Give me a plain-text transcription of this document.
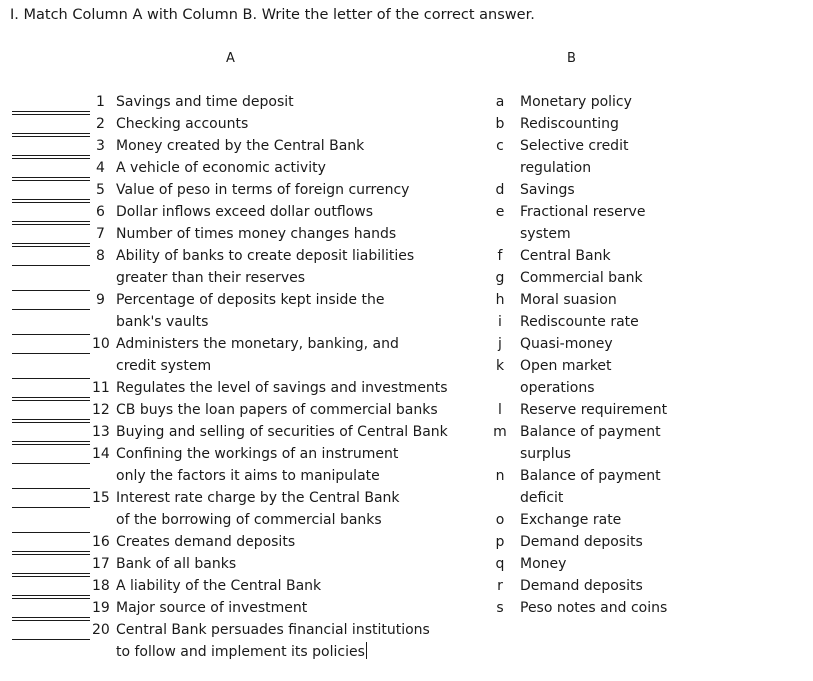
I. Match Column A with Column B. Write the letter of the correct answer.
A	B
1 Savings and time deposit
2 Checking accounts
3 Money created by the Central Bank
4 A vehicle of economic activity
5 Value of peso in terms of foreign currency
6 Dollar inflows exceed dollar outflows
7 Number of times money changes hands
8 Ability of banks to create deposit liabilities
greater than their reserves
9 Percentage of deposits kept inside the
bank's vaults
10 Administers the monetary, banking, and
credit system
11 Regulates the level of savings and investments
12 CB buys the loan papers of commercial banks
13 Buying and selling of securities of Central Bank
14 Confining the workings of an instrument
only the factors it aims to manipulate
15 Interest rate charge by the Central Bank
of the borrowing of commercial banks
16 Creates demand deposits
17 Bank of all banks
18 A liability of the Central Bank
19 Major source of investment
20 Central Bank persuades financial institutions
to follow and implement its policies
a Monetary policy
b Rediscounting
c Selective credit
regulation
d Savings
e Fractional reserve
system
f	Central Bank
g Commercial bank
h Moral suasion
i	Rediscounte rate
j	Quasi-money
k Open market
operations
l	Reserve requirement
m Balance of payment
surplus
n Balance of payment
deficit
o Exchange rate
p Demand deposits
q Money
r Demand deposits
s Peso notes and coins
